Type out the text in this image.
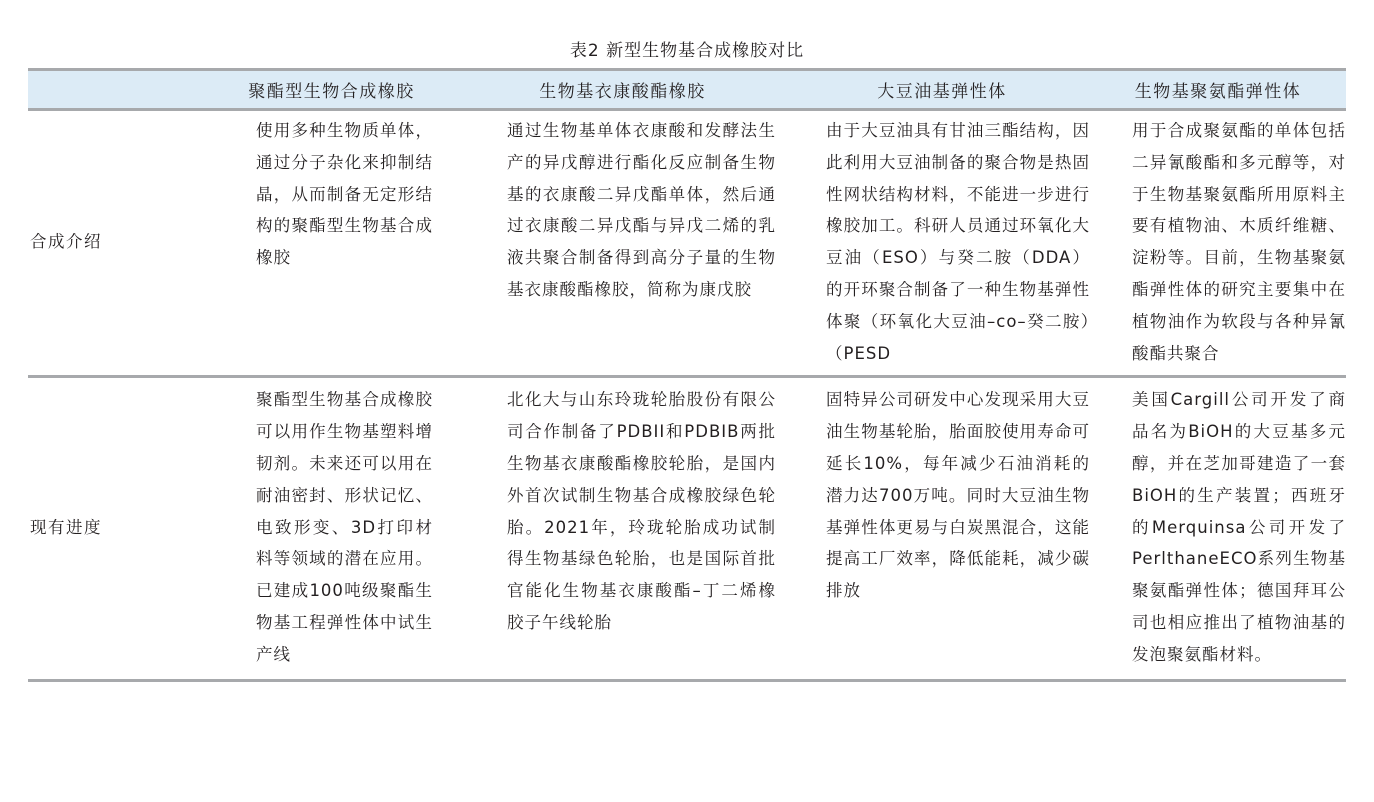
表2 新型生物基合成橡胶对比

	聚酯型生物合成橡胶	生物基衣康酸酯橡胶	大豆油基弹性体	生物基聚氨酯弹性体

合成介绍	使用多种生物质单体，通过分子杂化来抑制结晶，从而制备无定形结构的聚酯型生物基合成橡胶	通过生物基单体衣康酸和发酵法生产的异戊醇进行酯化反应制备生物基的衣康酸二异戊酯单体，然后通过衣康酸二异戊酯与异戊二烯的乳液共聚合制备得到高分子量的生物基衣康酸酯橡胶，简称为康戊胶	由于大豆油具有甘油三酯结构，因此利用大豆油制备的聚合物是热固性网状结构材料，不能进一步进行橡胶加工。科研人员通过环氧化大豆油（ESO）与癸二胺（DDA）的开环聚合制备了一种生物基弹性体聚（环氧化大豆油–co–癸二胺）（PESD	用于合成聚氨酯的单体包括二异氰酸酯和多元醇等，对于生物基聚氨酯所用原料主要有植物油、木质纤维糖、淀粉等。目前，生物基聚氨酯弹性体的研究主要集中在植物油作为软段与各种异氰酸酯共聚合
现有进度	聚酯型生物基合成橡胶可以用作生物基塑料增韧剂。未来还可以用在耐油密封、形状记忆、电致形变、3D打印材料等领域的潜在应用。已建成100吨级聚酯生物基工程弹性体中试生产线	北化大与山东玲珑轮胎股份有限公司合作制备了PDBII和PDBIB两批生物基衣康酸酯橡胶轮胎，是国内外首次试制生物基合成橡胶绿色轮胎。2021年，玲珑轮胎成功试制得生物基绿色轮胎，也是国际首批官能化生物基衣康酸酯–丁二烯橡胶子午线轮胎	固特异公司研发中心发现采用大豆油生物基轮胎，胎面胶使用寿命可延长10%，每年减少石油消耗的潜力达700万吨。同时大豆油生物基弹性体更易与白炭黑混合，这能提高工厂效率，降低能耗，减少碳排放	美国Cargill公司开发了商品名为BiOH的大豆基多元醇，并在芝加哥建造了一套BiOH的生产装置；西班牙的Merquinsa公司开发了PerlthaneECO系列生物基聚氨酯弹性体；德国拜耳公司也相应推出了植物油基的发泡聚氨酯材料。
